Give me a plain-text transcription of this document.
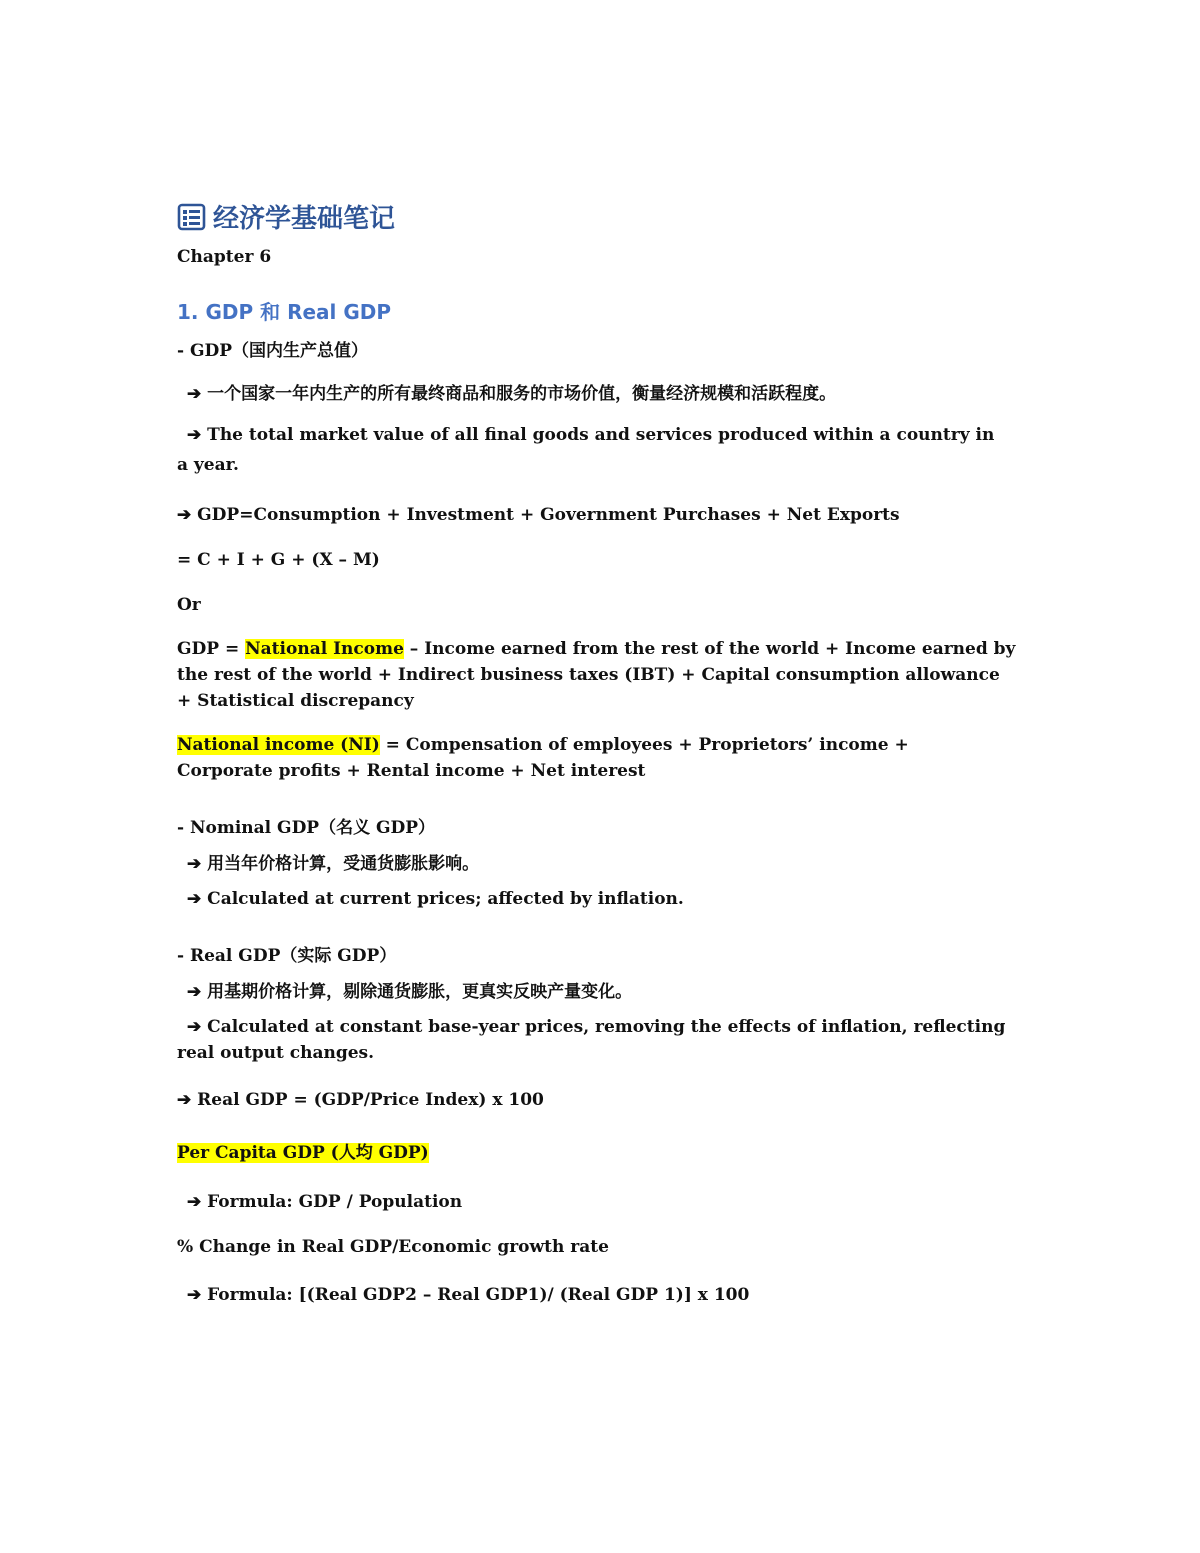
经济学基础笔记
Chapter 6
1. GDP 和 Real GDP
- GDP（国内生产总值）
➔ 一个国家一年内生产的所有最终商品和服务的市场价值，衡量经济规模和活跃程度。
➔ The total market value of all final goods and services produced within a country in a year.
➔ GDP=Consumption + Investment + Government Purchases + Net Exports
= C + I + G + (X – M)
Or
GDP = National Income – Income earned from the rest of the world + Income earned by the rest of the world + Indirect business taxes (IBT) + Capital consumption allowance + Statistical discrepancy
National income (NI) = Compensation of employees + Proprietors’ income + Corporate profits + Rental income + Net interest
- Nominal GDP（名义 GDP）
➔ 用当年价格计算，受通货膨胀影响。
➔ Calculated at current prices; affected by inflation.
- Real GDP（实际 GDP）
➔ 用基期价格计算，剔除通货膨胀，更真实反映产量变化。
➔ Calculated at constant base-year prices, removing the effects of inflation, reflecting real output changes.
➔ Real GDP = (GDP/Price Index) x 100
Per Capita GDP (人均 GDP)
➔ Formula: GDP / Population
% Change in Real GDP/Economic growth rate
➔ Formula: [(Real GDP2 – Real GDP1)/ (Real GDP 1)] x 100
